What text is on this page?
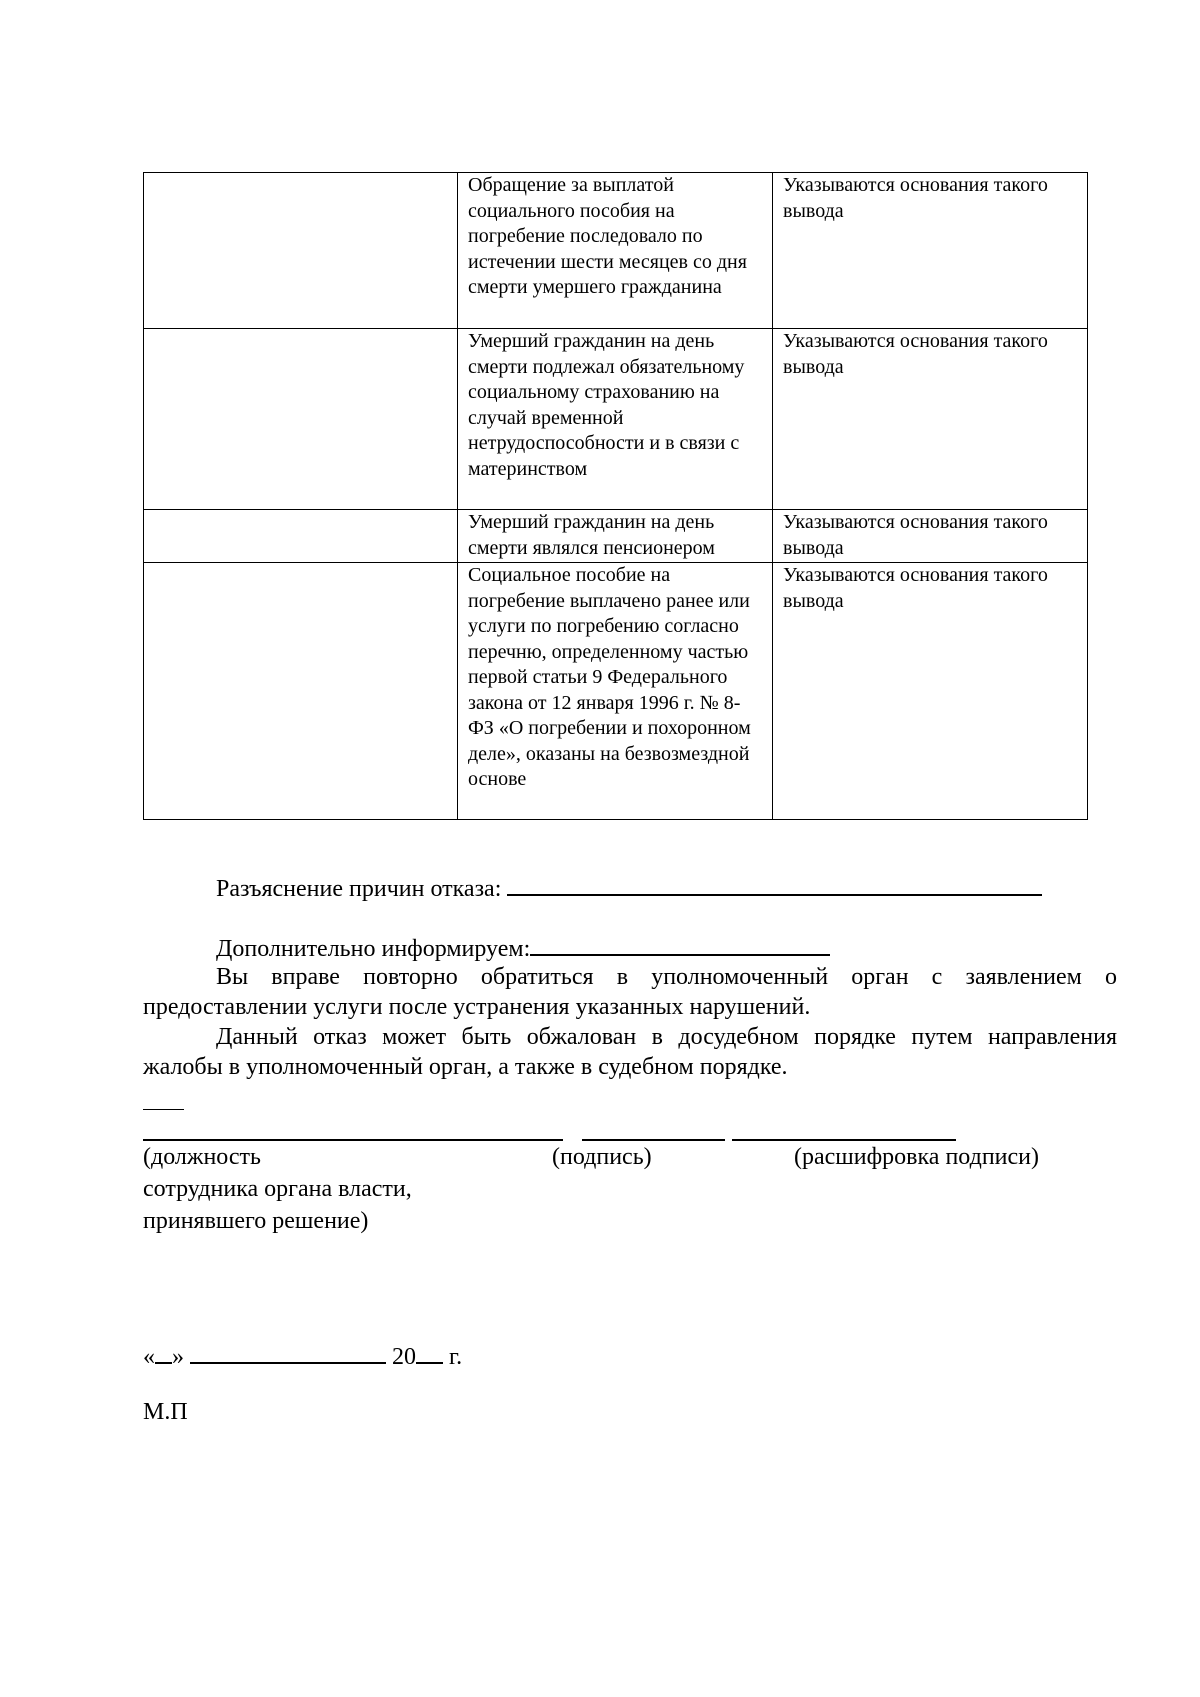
	Обращение за выплатой социального пособия на погребение последовало по истечении шести месяцев со дня смерти умершего гражданина	Указываются основания такого вывода
	Умерший гражданин на день смерти подлежал обязательному социальному страхованию на случай временной нетрудоспособности и в связи с материнством	Указываются основания такого вывода
	Умерший гражданин на день смерти являлся пенсионером	Указываются основания такого вывода
	Социальное пособие на погребение выплачено ранее или услуги по погребению согласно перечню, определенному частью первой статьи 9 Федерального закона от 12 января 1996 г. № 8-ФЗ «О погребении и похоронном деле», оказаны на безвозмездной основе	Указываются основания такого вывода
Разъяснение причин отказа:
Дополнительно информируем:
Вы вправе повторно обратиться в уполномоченный орган с заявлением о предоставлении услуги после устранения указанных нарушений.
Данный отказ может быть обжалован в досудебном порядке путем направления жалобы в уполномоченный орган, а также в судебном порядке.
(должность
сотрудника органа власти,
принявшего решение)
(подпись)	(расшифровка подписи)
« »	20 г.
М.П
